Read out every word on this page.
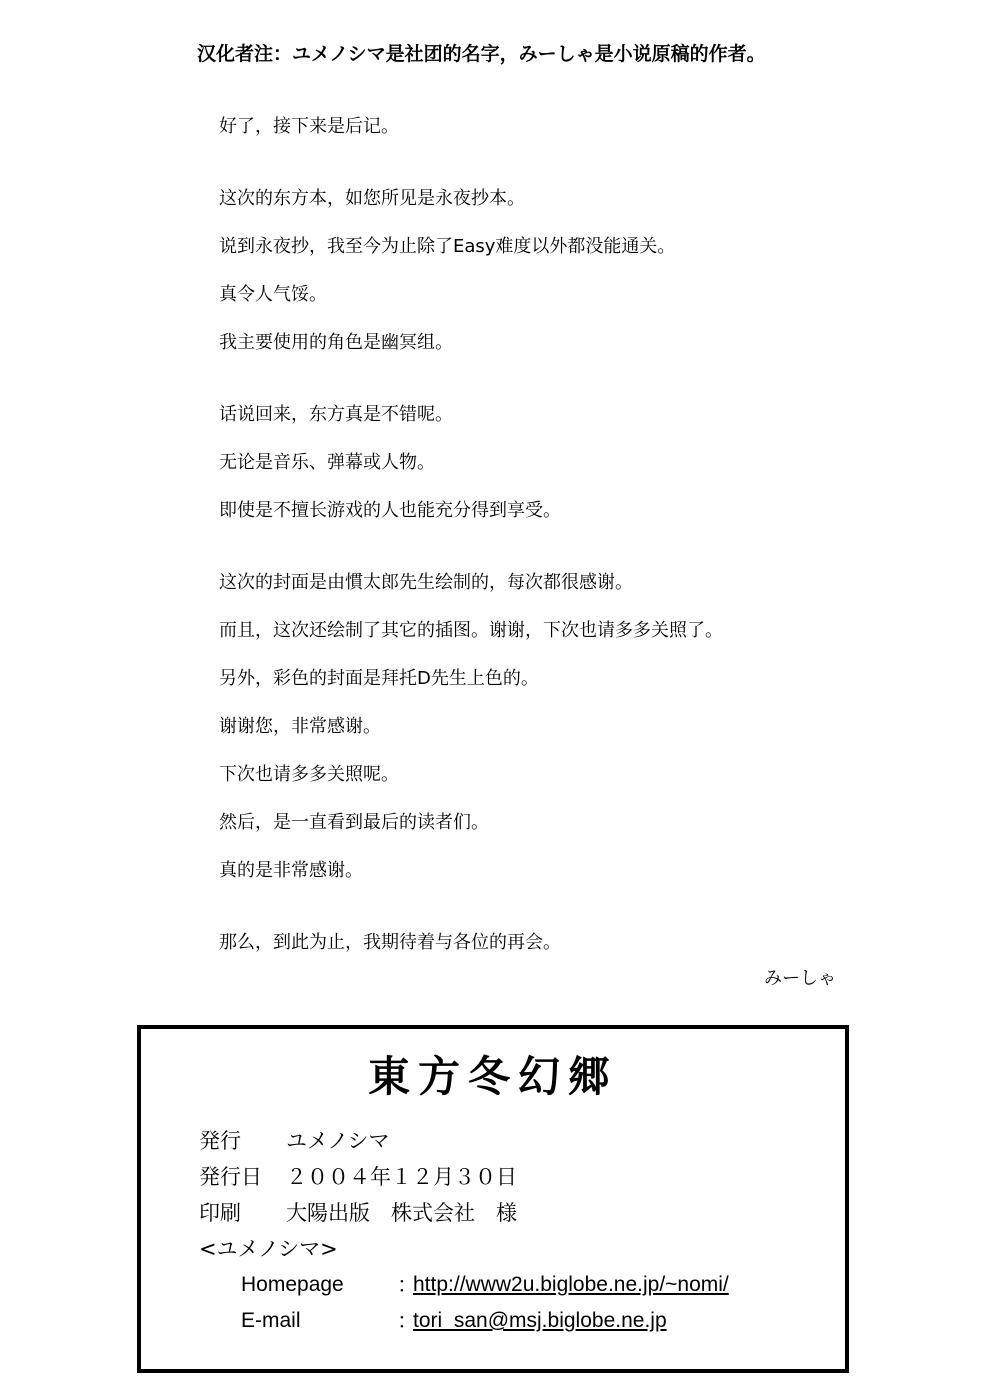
汉化者注：ユメノシマ是社团的名字，みーしゃ是小说原稿的作者。
好了，接下来是后记。
这次的东方本，如您所见是永夜抄本。
说到永夜抄，我至今为止除了Easy难度以外都没能通关。
真令人气馁。
我主要使用的角色是幽冥组。
话说回来，东方真是不错呢。
无论是音乐、弹幕或人物。
即使是不擅长游戏的人也能充分得到享受。
这次的封面是由慣太郎先生绘制的，每次都很感谢。
而且，这次还绘制了其它的插图。谢谢，下次也请多多关照了。
另外，彩色的封面是拜托D先生上色的。
谢谢您，非常感谢。
下次也请多多关照呢。
然后，是一直看到最后的读者们。
真的是非常感谢。
那么，到此为止，我期待着与各位的再会。
みーしゃ
東方冬幻郷
発行 ユメノシマ
発行日 ２００４年１２月３０日
印刷 大陽出版　株式会社　様
<ユメノシマ>
Homepage	：
http://www2u.biglobe.ne.jp/~nomi/
E-mail	：
tori_san@msj.biglobe.ne.jp
